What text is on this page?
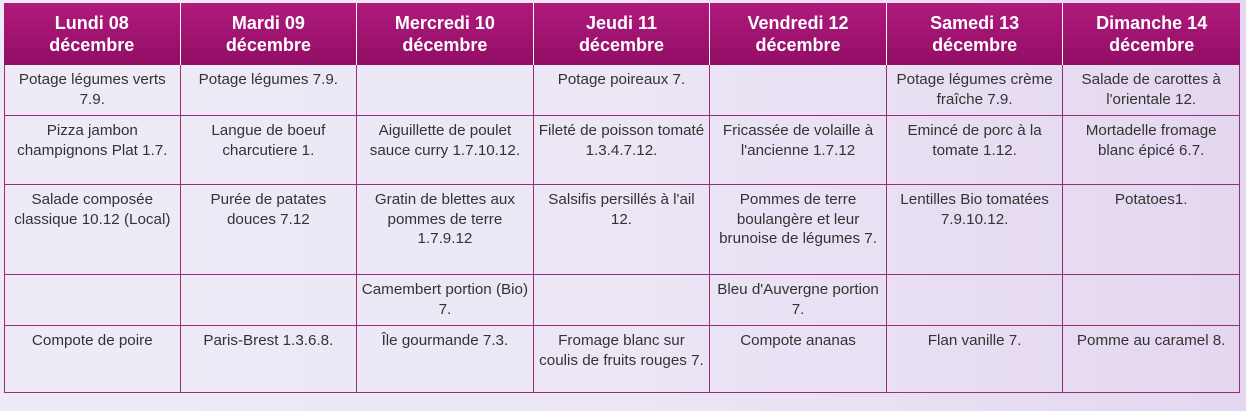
Lundi 08
décembre	Mardi 09
décembre	Mercredi 10
décembre	Jeudi 11
décembre	Vendredi 12
décembre	Samedi 13
décembre	Dimanche 14
décembre

Potage légumes verts 7.9.	Potage légumes 7.9.		Potage poireaux 7.		Potage légumes crème fraîche 7.9.	Salade de carottes à l'orientale 12.
Pizza jambon champignons Plat 1.7.	Langue de boeuf charcutiere 1.	Aiguillette de poulet sauce curry 1.7.10.12.	Fileté de poisson tomaté 1.3.4.7.12.	Fricassée de volaille à l'ancienne 1.7.12	Emincé de porc à la tomate 1.12.	Mortadelle fromage blanc épicé 6.7.
Salade composée classique 10.12 (Local)	Purée de patates douces 7.12	Gratin de blettes aux pommes de terre 1.7.9.12	Salsifis persillés à l'ail 12.	Pommes de terre boulangère et leur brunoise de légumes 7.	Lentilles Bio tomatées 7.9.10.12.	Potatoes1.
		Camembert portion (Bio) 7.		Bleu d'Auvergne portion 7.		
Compote de poire	Paris-Brest 1.3.6.8.	Île gourmande 7.3.	Fromage blanc sur coulis de fruits rouges 7.	Compote ananas	Flan vanille 7.	Pomme au caramel 8.
